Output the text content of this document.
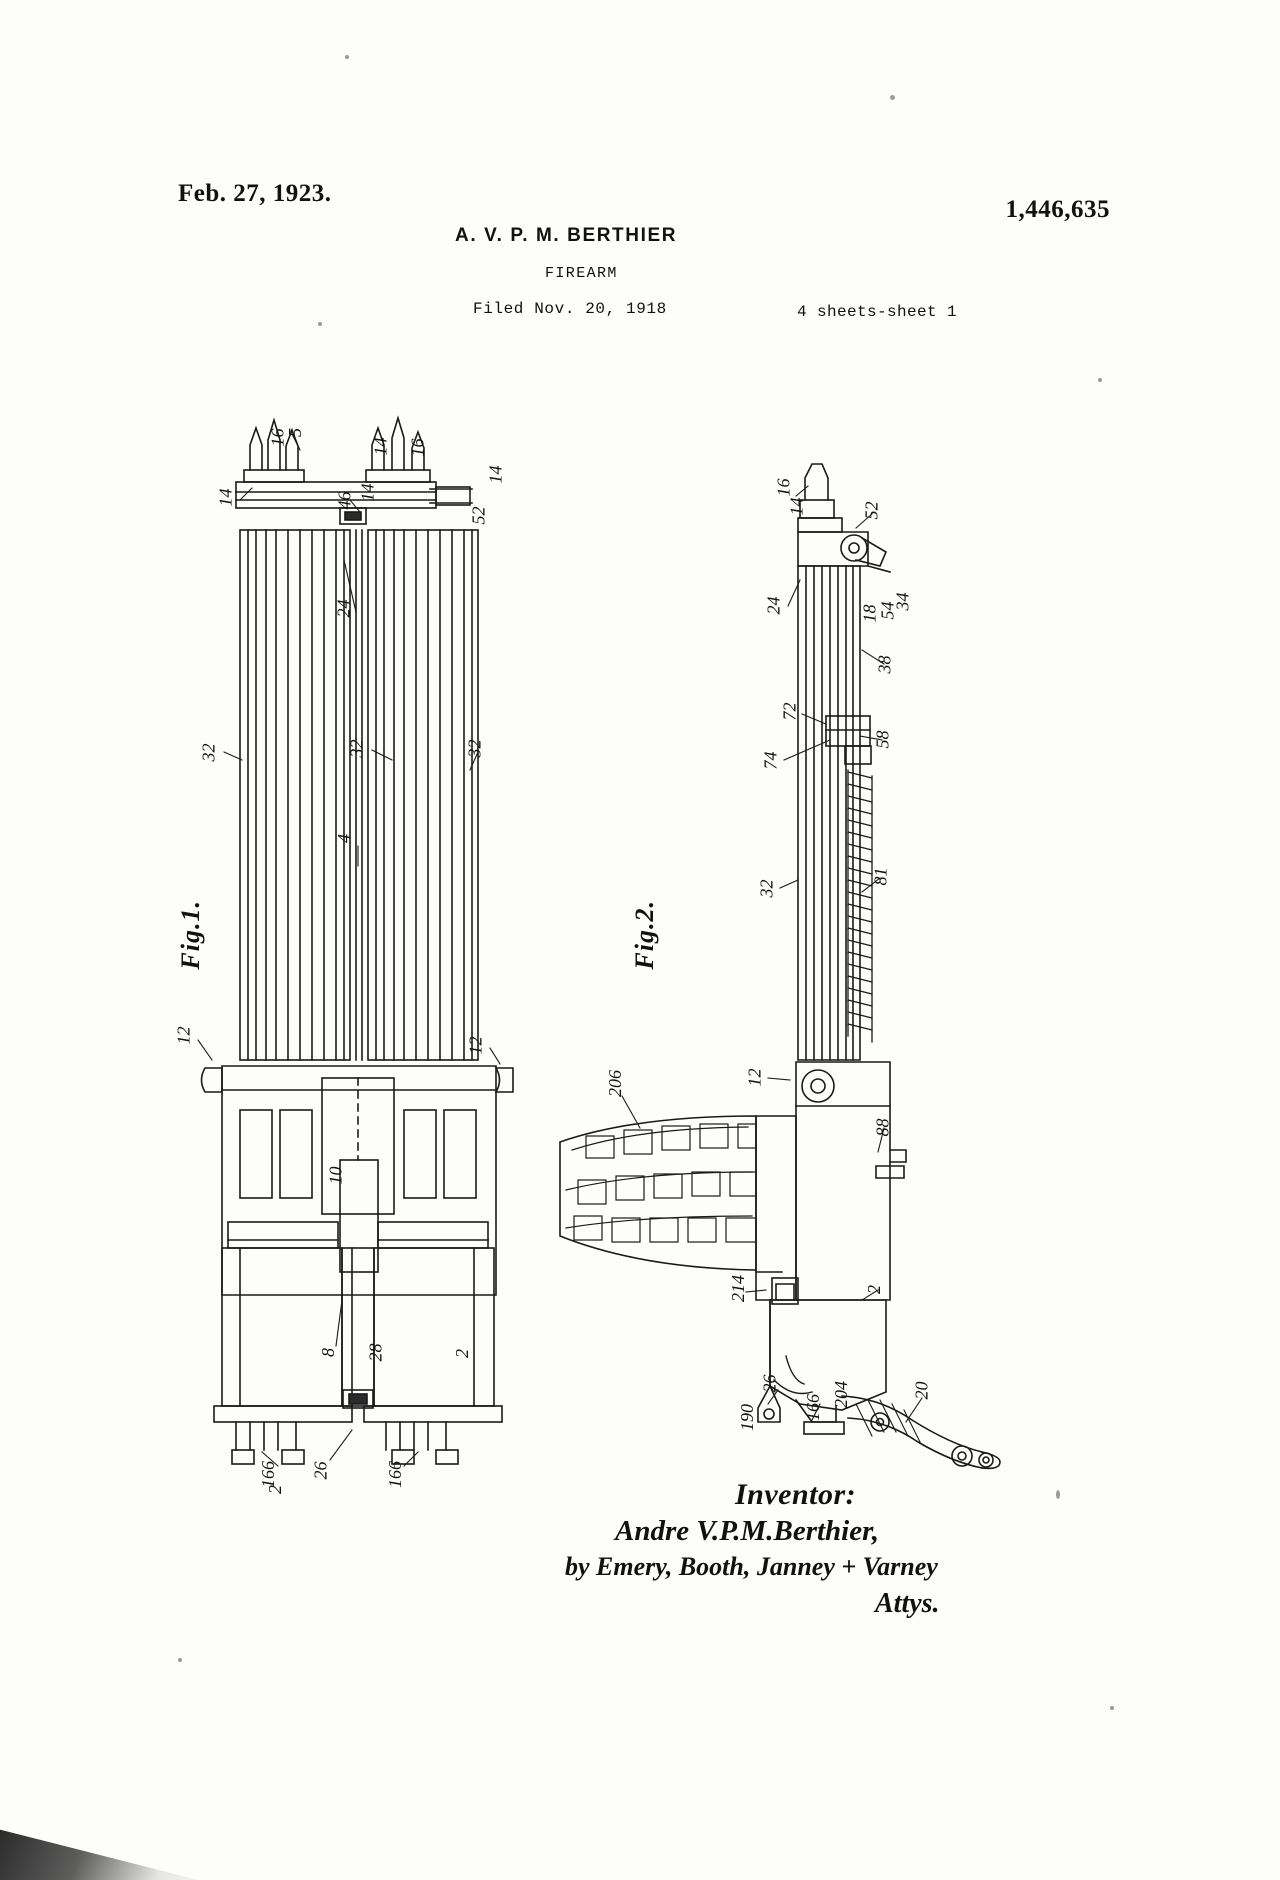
Feb. 27, 1923.
1,446,635
A. V. P. M. BERTHIER
FIREARM
Filed Nov. 20, 1918	4 sheets-sheet 1
Fig.1.	Fig.2.
16
5
14 16
14	46 14
52
14
24
32	32	32
4
12
12
10
8 28	2
166
2
26	166
16
52
24
14
18
54
34
38
72
74
58
32
81
206	12
88
214	2
26
190	166 204	20
Inventor:
Andre V.P.M.Berthier,
by Emery, Booth, Janney + Varney
Attys.
